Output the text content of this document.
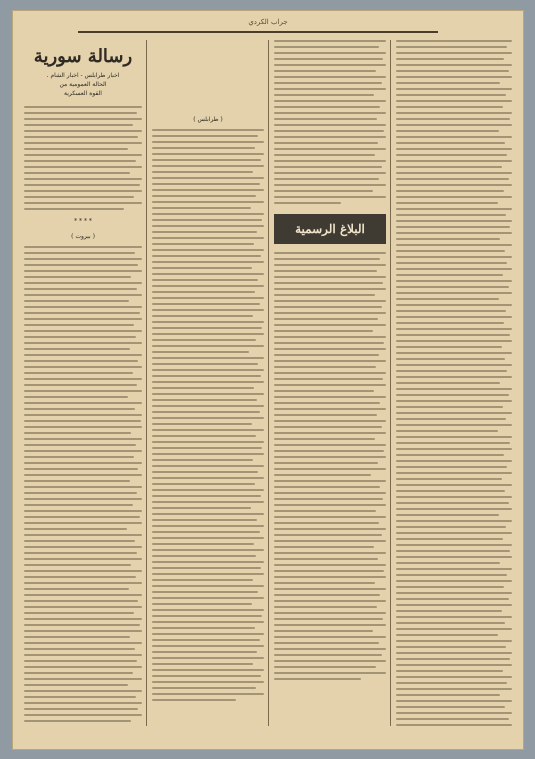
جراب الكردي
رسالة سورية
اخبار طرابلس - اخبار الشام .
الحالة العمومية من
القوة العسكرية
* * * *
( بيروت )
( طرابلس )
البلاغ الرسمية
